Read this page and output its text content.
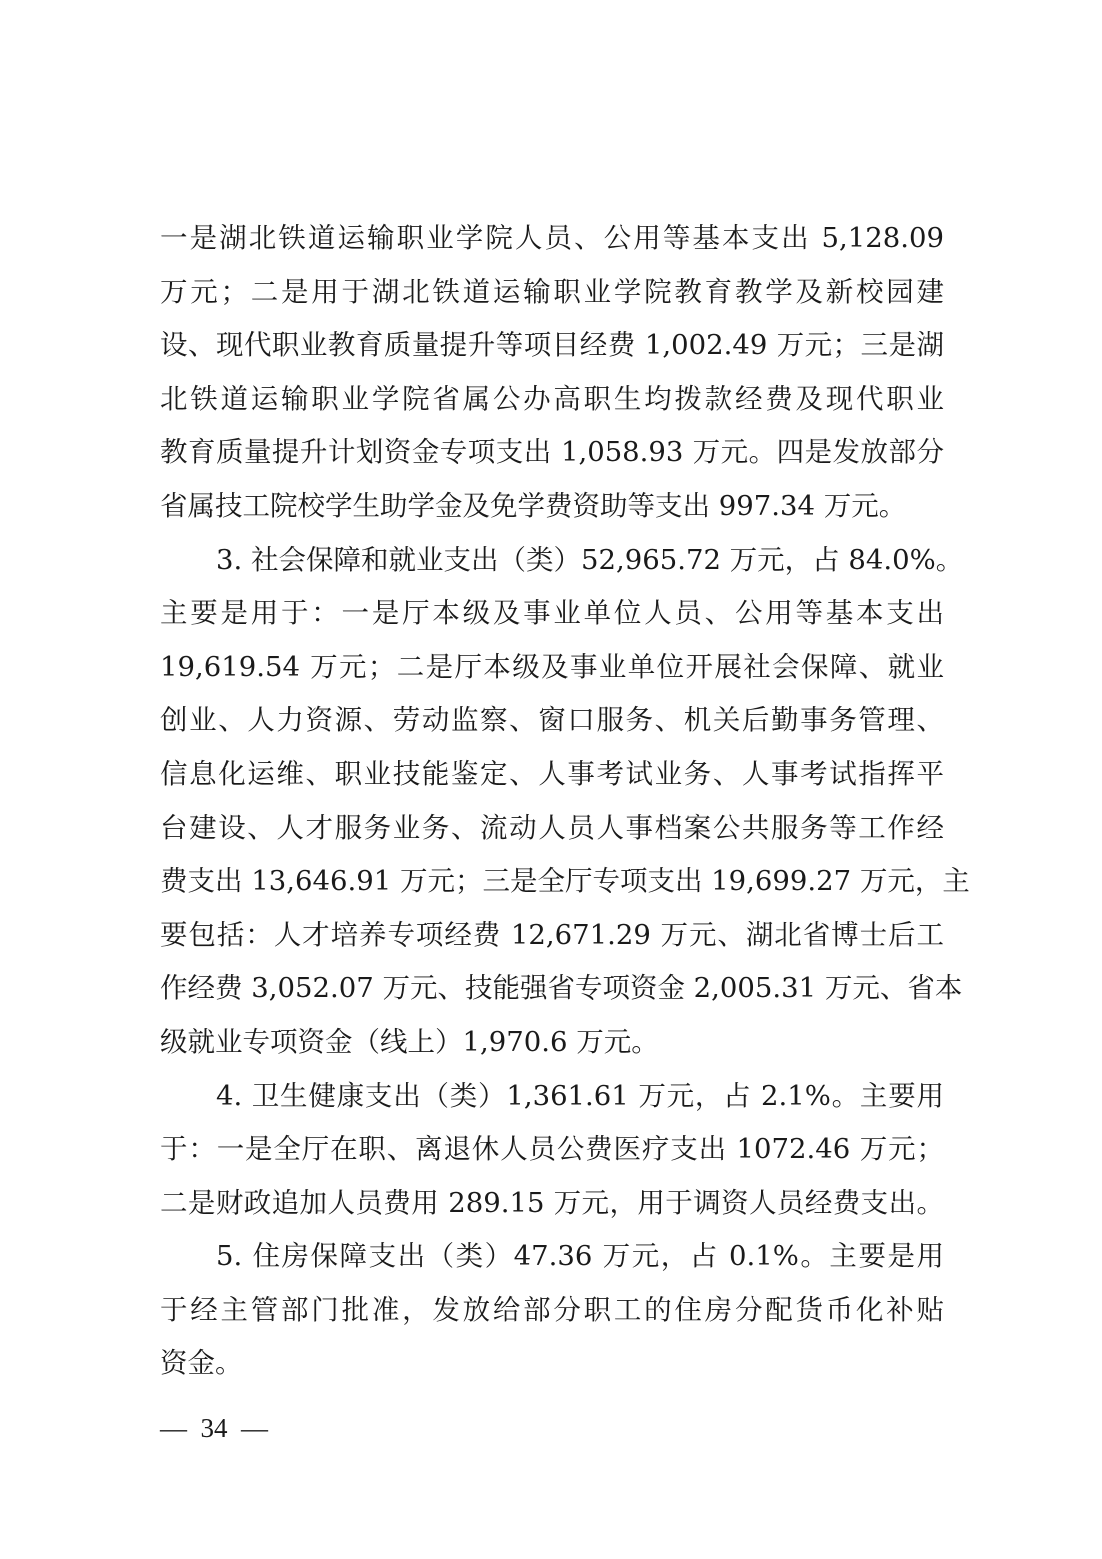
一是湖北铁道运输职业学院人员、公用等基本支出 5,128.09
万元；二是用于湖北铁道运输职业学院教育教学及新校园建
设、现代职业教育质量提升等项目经费 1,002.49 万元；三是湖
北铁道运输职业学院省属公办高职生均拨款经费及现代职业
教育质量提升计划资金专项支出 1,058.93 万元。四是发放部分
省属技工院校学生助学金及免学费资助等支出 997.34 万元。
3. 社会保障和就业支出（类）52,965.72 万元，占 84.0%。
主要是用于：一是厅本级及事业单位人员、公用等基本支出
19,619.54 万元；二是厅本级及事业单位开展社会保障、就业
创业、人力资源、劳动监察、窗口服务、机关后勤事务管理、
信息化运维、职业技能鉴定、人事考试业务、人事考试指挥平
台建设、人才服务业务、流动人员人事档案公共服务等工作经
费支出 13,646.91 万元；三是全厅专项支出 19,699.27 万元，主
要包括：人才培养专项经费 12,671.29 万元、湖北省博士后工
作经费 3,052.07 万元、技能强省专项资金 2,005.31 万元、省本
级就业专项资金（线上）1,970.6 万元。
4. 卫生健康支出（类）1,361.61 万元，占 2.1%。主要用
于：一是全厅在职、离退休人员公费医疗支出 1072.46 万元；
二是财政追加人员费用 289.15 万元，用于调资人员经费支出。
5. 住房保障支出（类）47.36 万元，占 0.1%。主要是用
于经主管部门批准，发放给部分职工的住房分配货币化补贴
资金。
—  34  —
